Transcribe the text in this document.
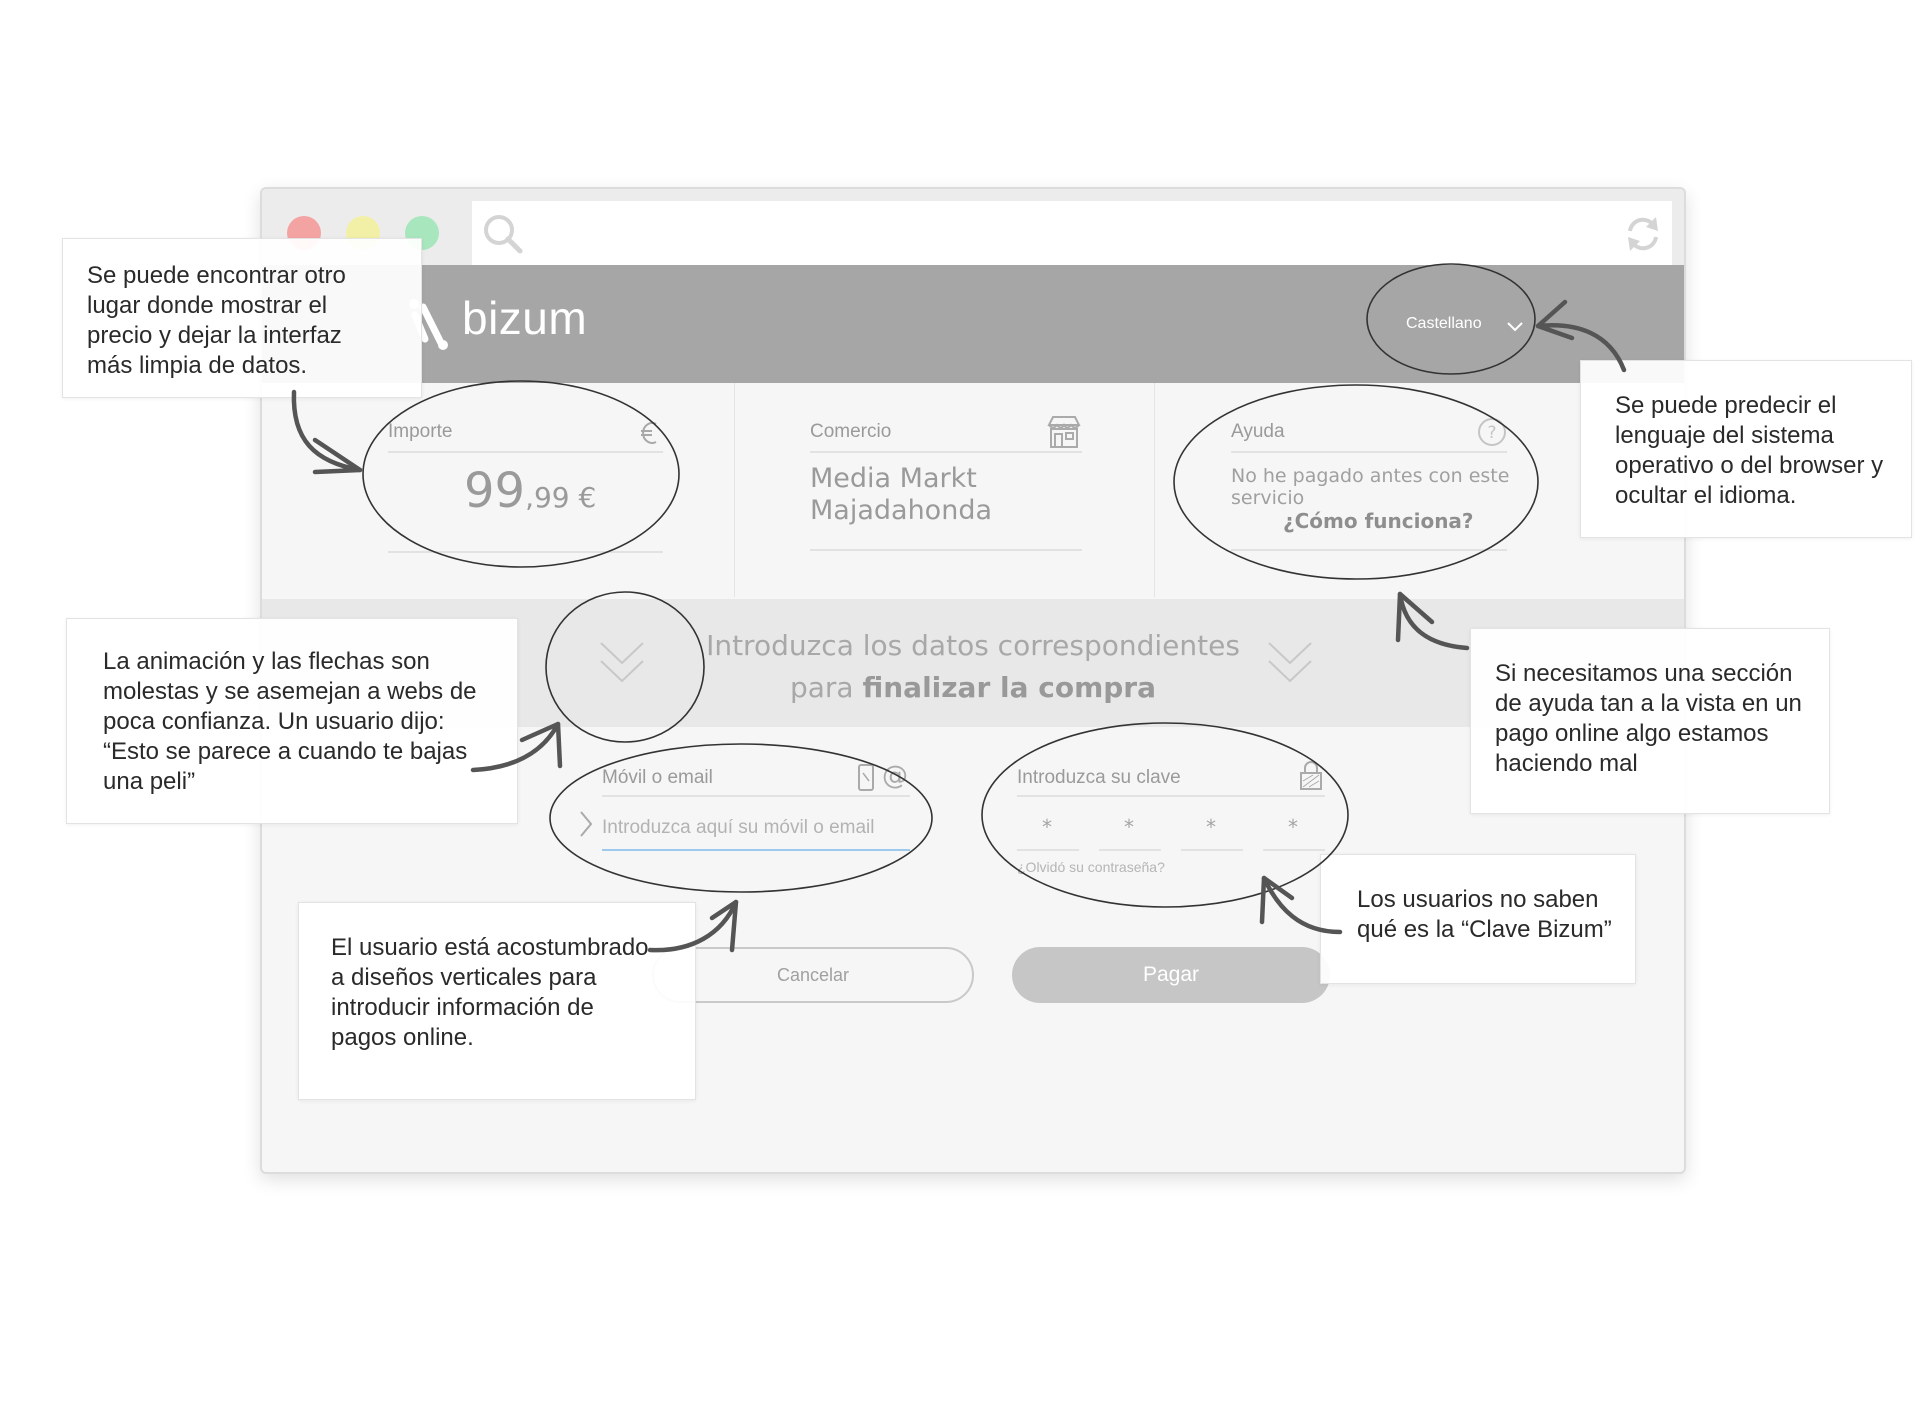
bizum	Castellano
Importe
99,99 €
Comercio
Media Markt
Majadahonda
Ayuda	?
No he pagado antes con este
servicio
¿Cómo funciona?
Introduzca los datos correspondientes
para finalizar la compra
Móvil o email	@
Introduzca aquí su móvil o email
Introduzca su clave
*	*	*	*
¿Olvidó su contraseña?
Cancelar	Pagar
Se puede encontrar otro
lugar donde mostrar el
precio y dejar la interfaz
más limpia de datos.
Se puede predecir el
lenguaje del sistema
operativo o del browser y
ocultar el idioma.
La animación y las flechas son
molestas y se asemejan a webs de
poca confianza. Un usuario dijo:
“Esto se parece a cuando te bajas
una peli”
Si necesitamos una sección
de ayuda tan a la vista en un
pago online algo estamos
haciendo mal
El usuario está acostumbrado
a diseños verticales para
introducir información de
pagos online.
Los usuarios no saben
qué es la “Clave Bizum”
